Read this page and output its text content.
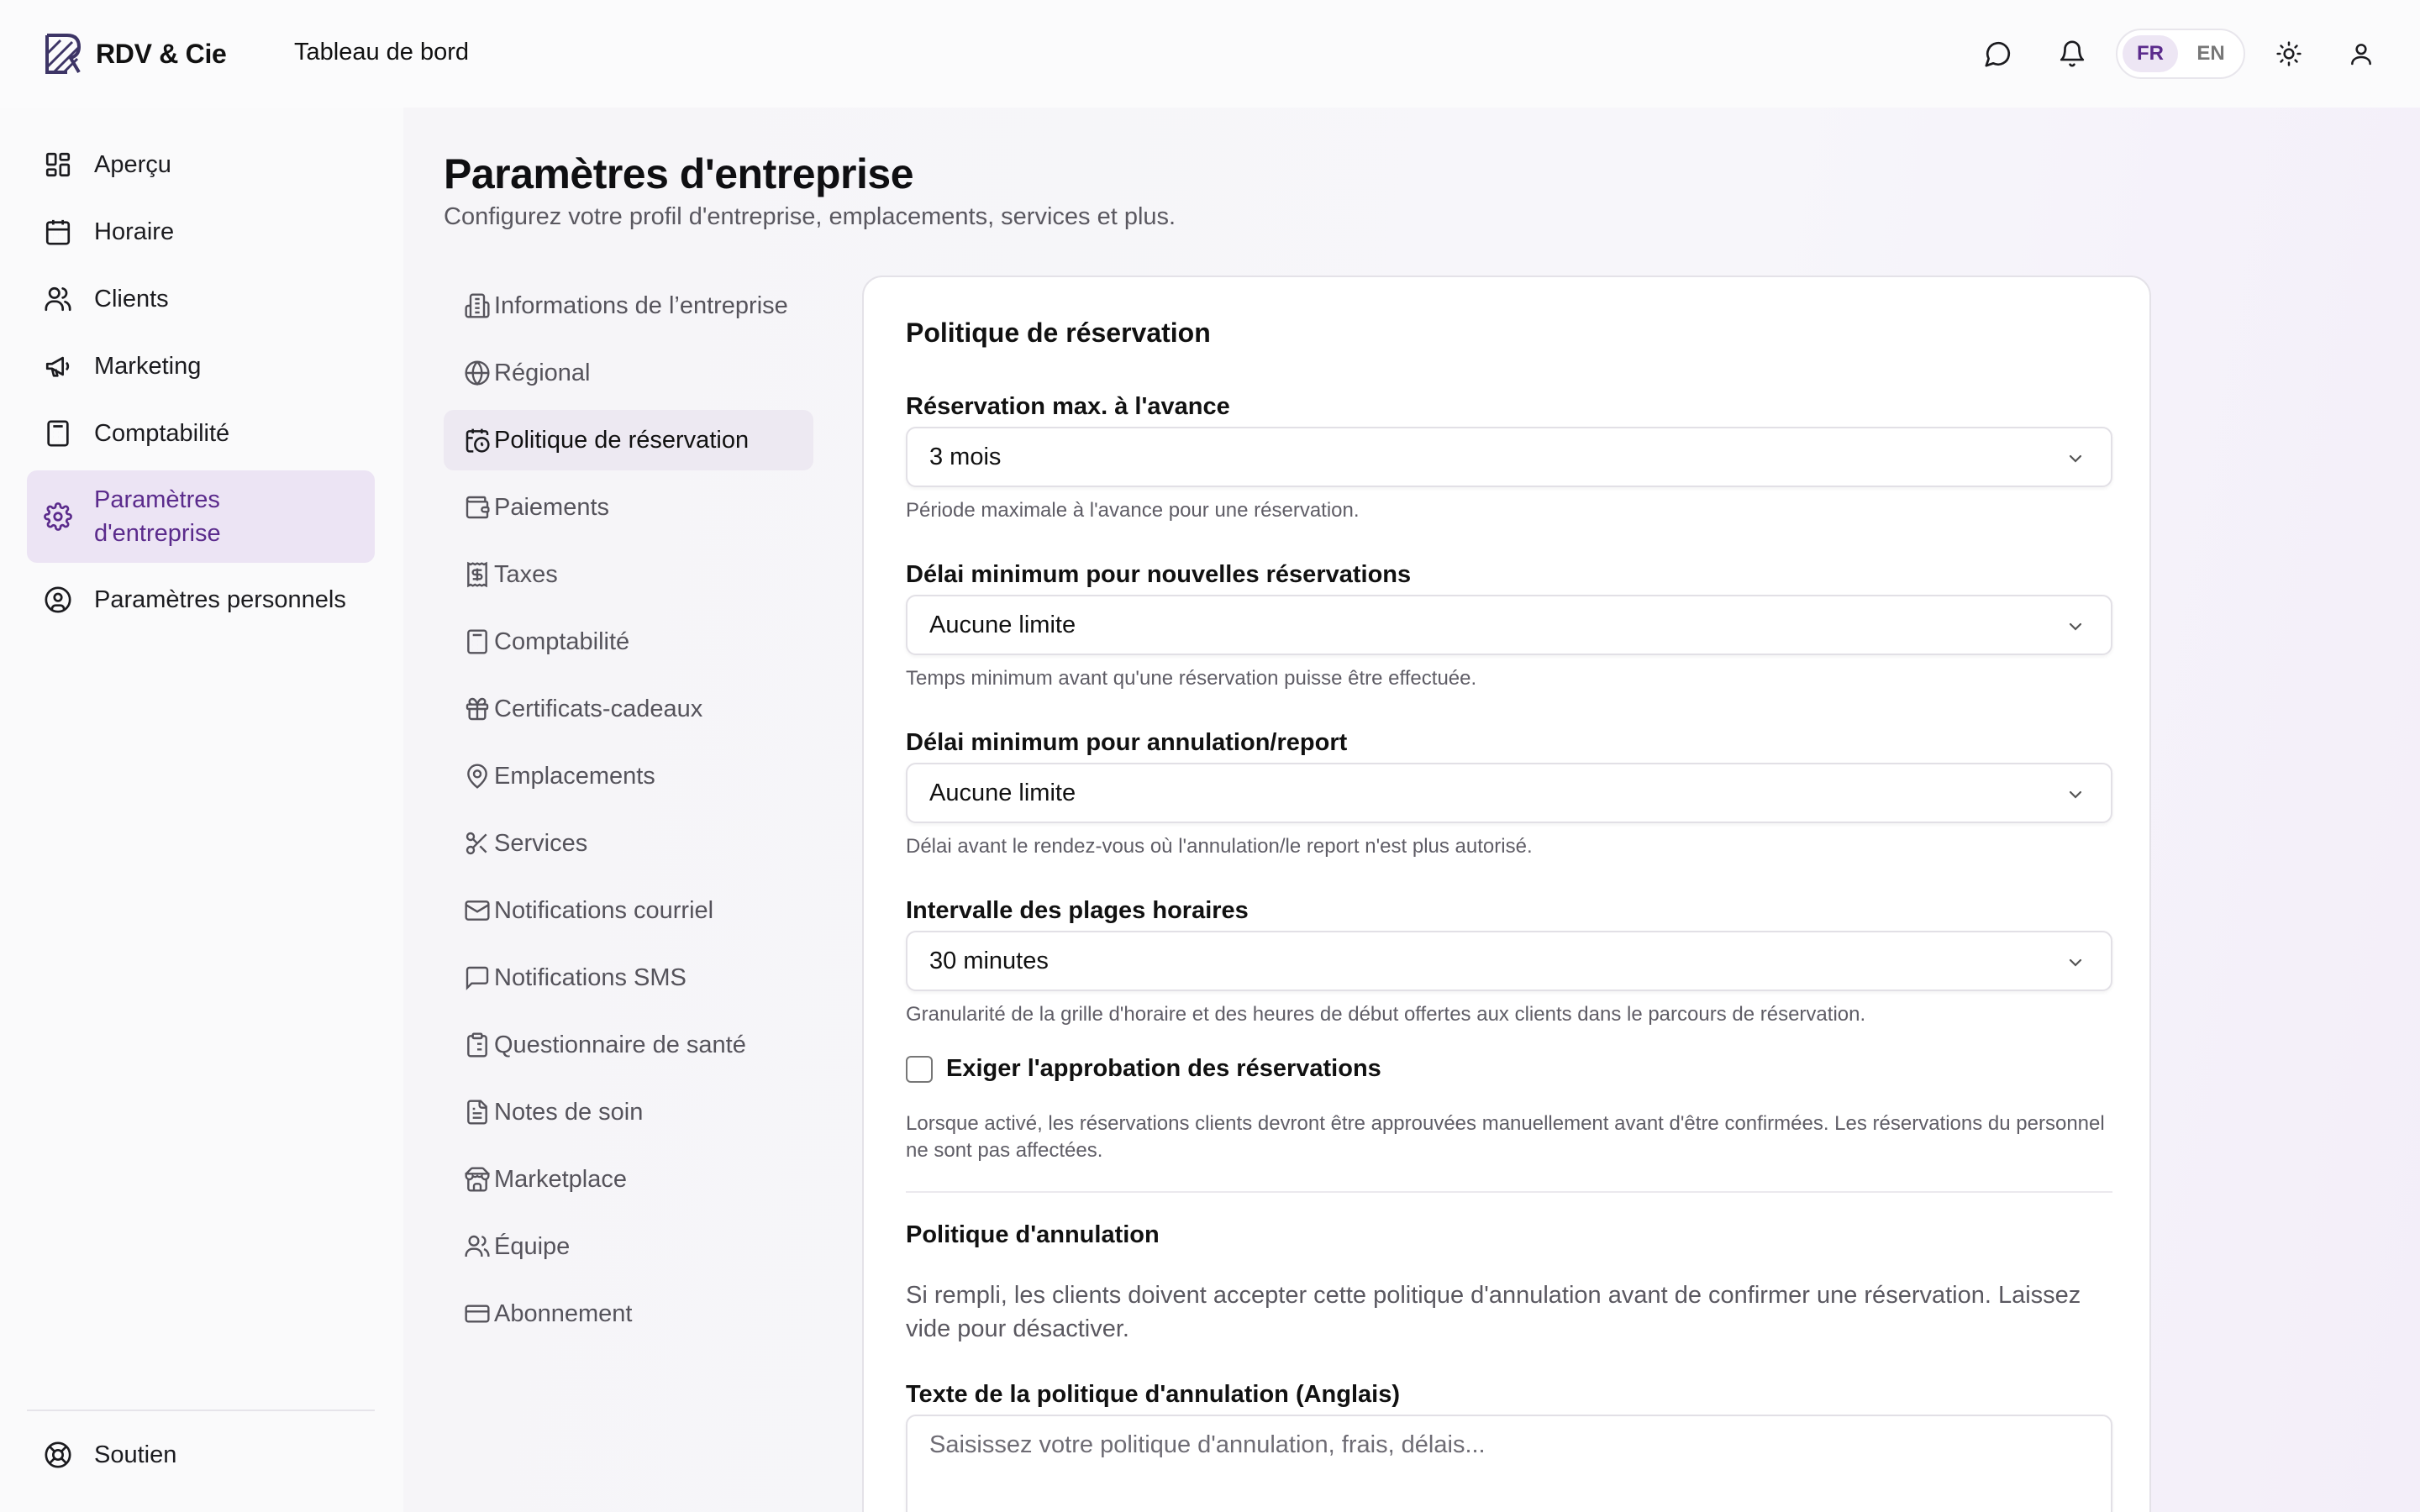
RDV & Cie	Tableau de bord	FR	EN
Aperçu
Horaire
Clients
Marketing
Comptabilité
Paramètres d'entreprise
Paramètres personnels
Soutien
Paramètres d'entreprise

Configurez votre profil d'entreprise, emplacements, services et plus.

Informations de l’entreprise
Régional
Politique de réservation
Paiements
Taxes
Comptabilité
Certificats-cadeaux
Emplacements
Services
Notifications courriel
Notifications SMS
Questionnaire de santé
Notes de soin
Marketplace
Équipe
Abonnement
Politique de réservation
Réservation max. à l'avance
3 mois
Période maximale à l'avance pour une réservation.
Délai minimum pour nouvelles réservations
Aucune limite
Temps minimum avant qu'une réservation puisse être effectuée.
Délai minimum pour annulation/report
Aucune limite
Délai avant le rendez-vous où l'annulation/le report n'est plus autorisé.
Intervalle des plages horaires
30 minutes
Granularité de la grille d'horaire et des heures de début offertes aux clients dans le parcours de réservation.
Exiger l'approbation des réservations
Lorsque activé, les réservations clients devront être approuvées manuellement avant d'être confirmées. Les réservations du personnel ne sont pas affectées.
Politique d'annulation
Si rempli, les clients doivent accepter cette politique d'annulation avant de confirmer une réservation. Laissez vide pour désactiver.
Texte de la politique d'annulation (Anglais)
Saisissez votre politique d'annulation, frais, délais...
